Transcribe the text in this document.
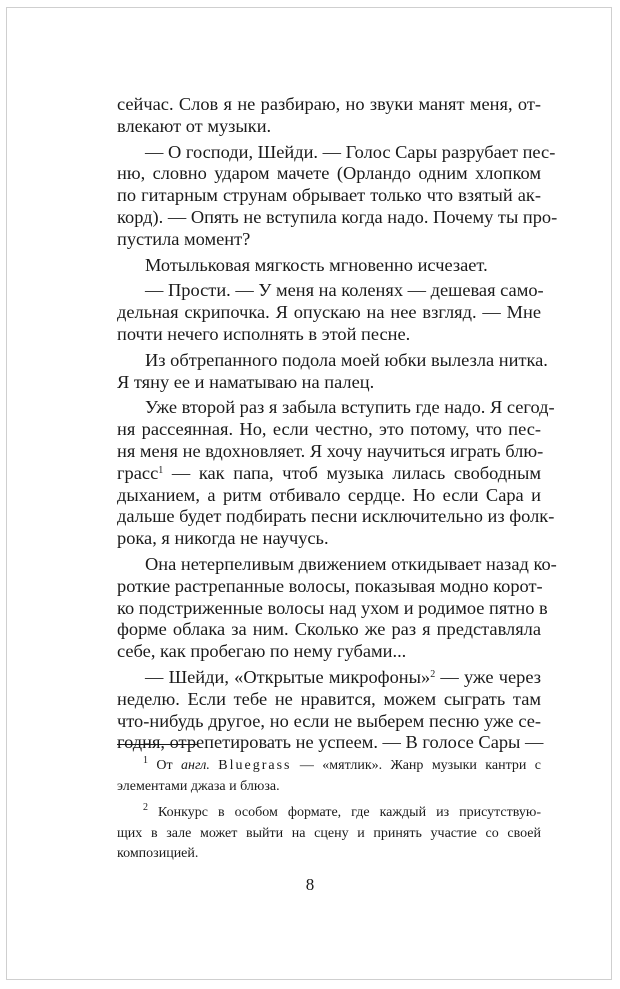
сейчас. Слов я не разбираю, но звуки манят меня, от-
влекают от музыки.
— О господи, Шейди. — Голос Сары разрубает пес-
ню, словно ударом мачете (Орландо одним хлопком
по гитарным струнам обрывает только что взятый ак-
корд). — Опять не вступила когда надо. Почему ты про-
пустила момент?
Мотыльковая мягкость мгновенно исчезает.
— Прости. — У меня на коленях — дешевая само-
дельная скрипочка. Я опускаю на нее взгляд. — Мне
почти нечего исполнять в этой песне.
Из обтрепанного подола моей юбки вылезла нитка.
Я тяну ее и наматываю на палец.
Уже второй раз я забыла вступить где надо. Я сегод-
ня рассеянная. Но, если честно, это потому, что пес-
ня меня не вдохновляет. Я хочу научиться играть блю-
грасс$^1$ — как папа, чтоб музыка лилась свободным
дыханием, а ритм отбивало сердце. Но если Сара и
дальше будет подбирать песни исключительно из фолк-
рока, я никогда не научусь.
Она нетерпеливым движением откидывает назад ко-
роткие растрепанные волосы, показывая модно корот-
ко подстриженные волосы над ухом и родимое пятно в
форме облака за ним. Сколько же раз я представляла
себе, как пробегаю по нему губами...
— Шейди, «Открытые микрофоны»$^2$ — уже через
неделю. Если тебе не нравится, можем сыграть там
что-нибудь другое, но если не выберем песню уже се-
годня, отрепетировать не успеем. — В голосе Сары —
$^1$ От англ. Bluegrass — «мятлик». Жанр музыки кантри с
элементами джаза и блюза.
$^2$ Конкурс в особом формате, где каждый из присутствую-
щих в зале может выйти на сцену и принять участие со своей
композицией.
8
